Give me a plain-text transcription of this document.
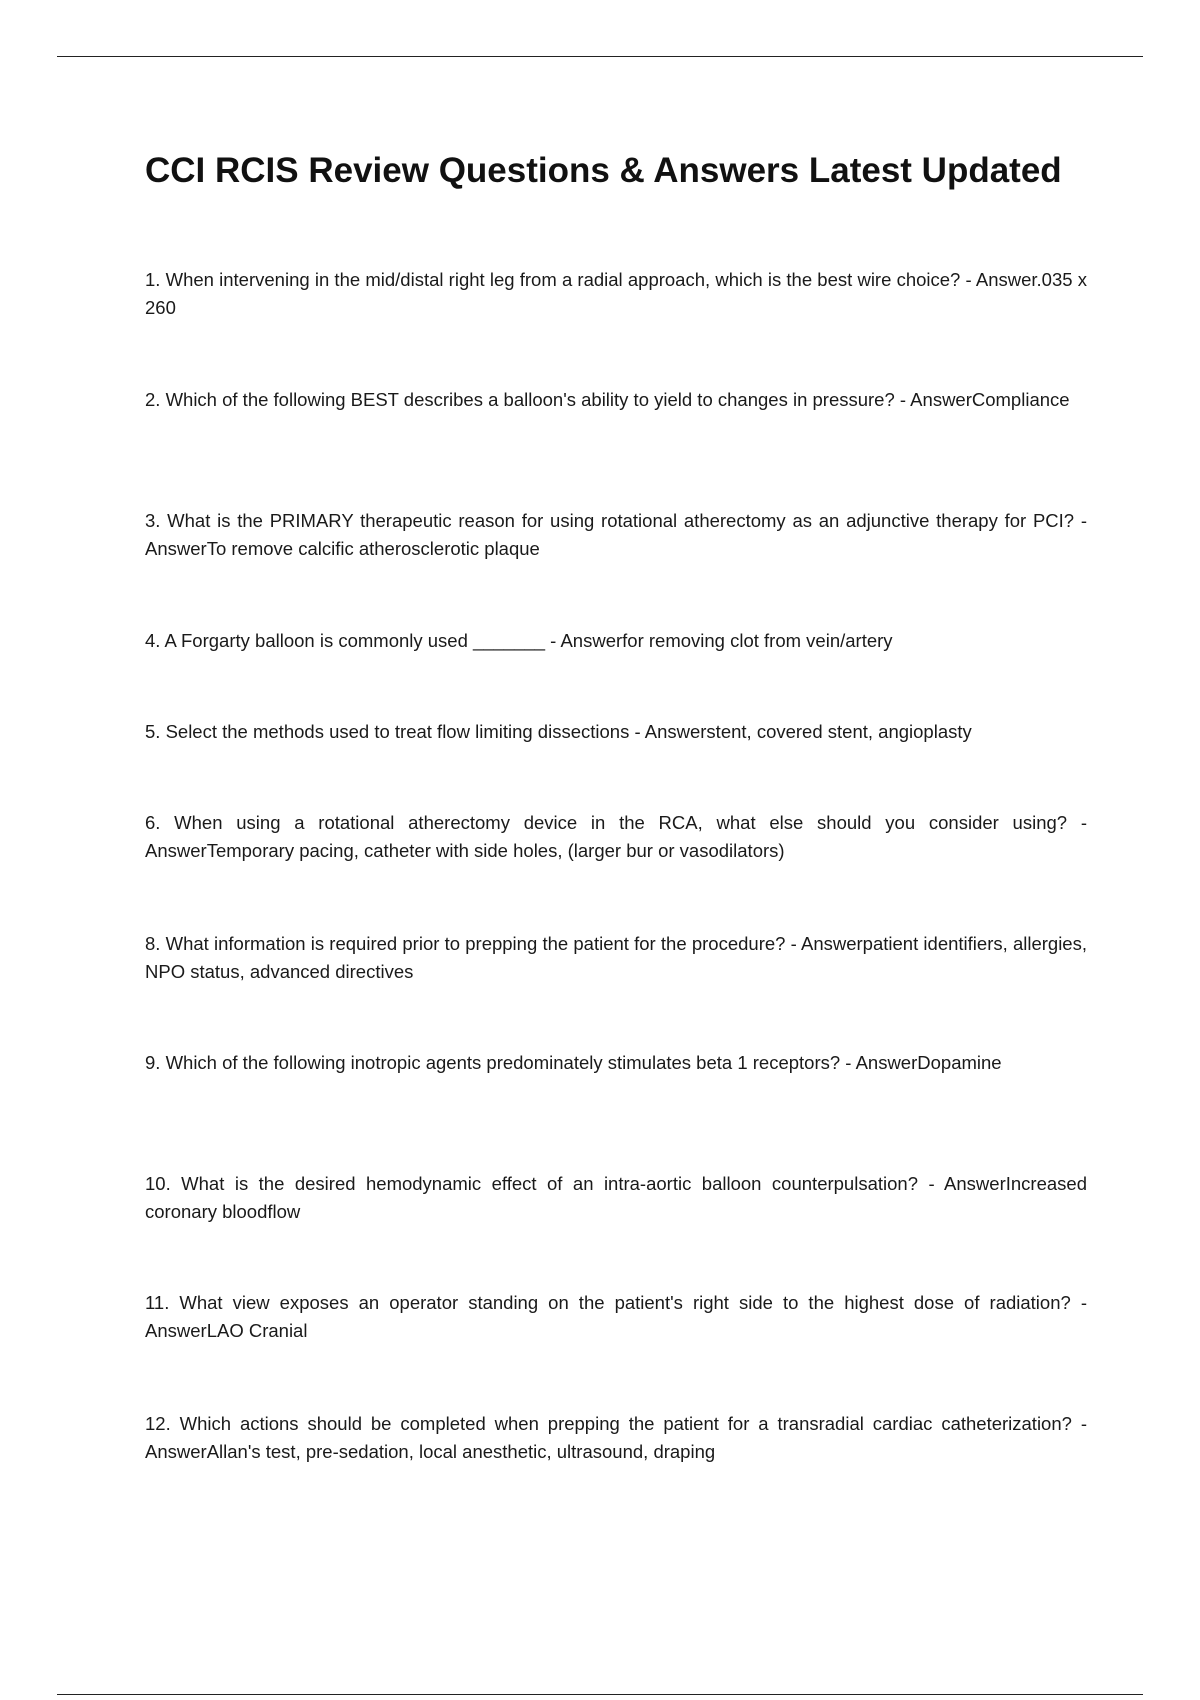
CCI RCIS Review Questions & Answers Latest Updated
1. When intervening in the mid/distal right leg from a radial approach, which is the best wire choice? - Answer.035 x 260
2. Which of the following BEST describes a balloon's ability to yield to changes in pressure? - AnswerCompliance
3. What is the PRIMARY therapeutic reason for using rotational atherectomy as an adjunctive therapy for PCI? - AnswerTo remove calcific atherosclerotic plaque
4. A Forgarty balloon is commonly used _______ - Answerfor removing clot from vein/artery
5. Select the methods used to treat flow limiting dissections - Answerstent, covered stent, angioplasty
6. When using a rotational atherectomy device in the RCA, what else should you consider using? - AnswerTemporary pacing, catheter with side holes, (larger bur or vasodilators)
8. What information is required prior to prepping the patient for the procedure? - Answerpatient identifiers, allergies, NPO status, advanced directives
9. Which of the following inotropic agents predominately stimulates beta 1 receptors? - AnswerDopamine
10. What is the desired hemodynamic effect of an intra-aortic balloon counterpulsation? - AnswerIncreased coronary bloodflow
11. What view exposes an operator standing on the patient's right side to the highest dose of radiation? - AnswerLAO Cranial
12. Which actions should be completed when prepping the patient for a transradial cardiac catheterization? - AnswerAllan's test, pre-sedation, local anesthetic, ultrasound, draping
